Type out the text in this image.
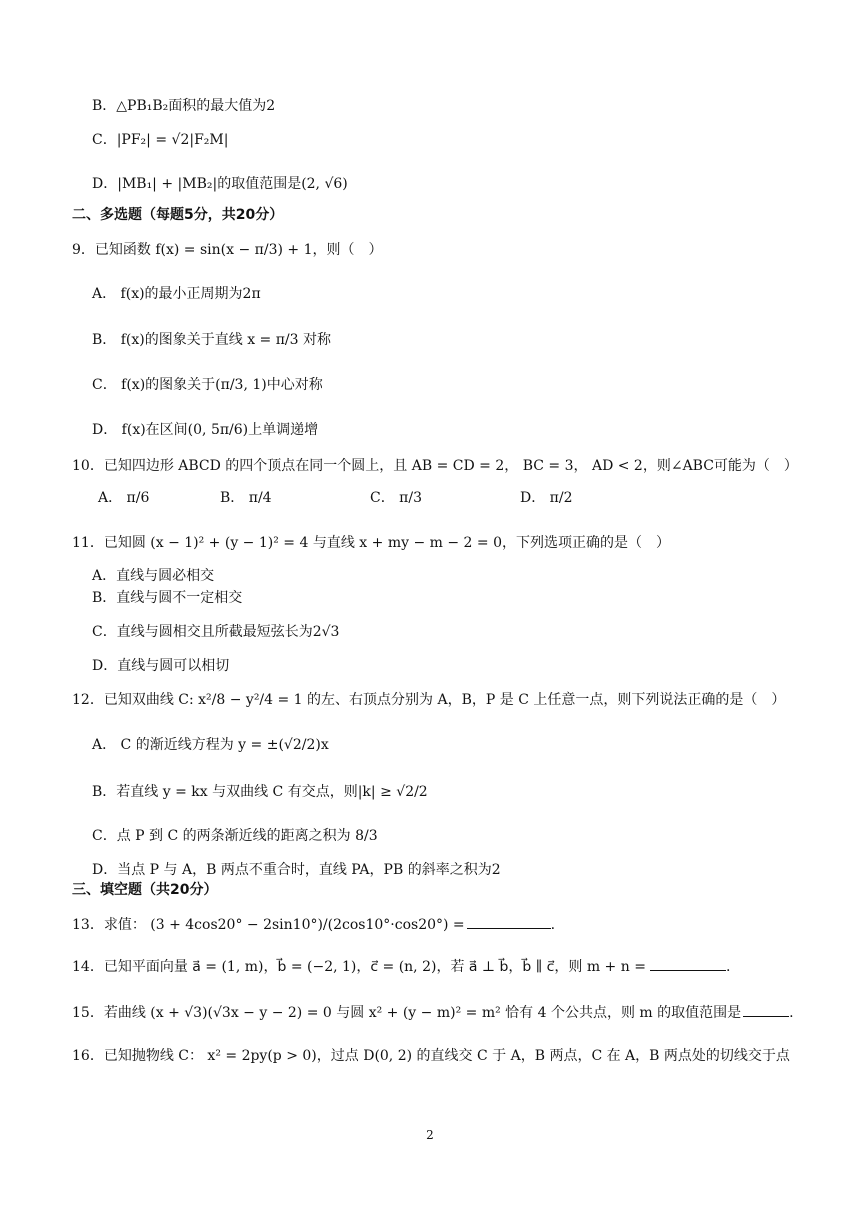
B．△PB₁B₂面积的最大值为2
C．|PF₂| = √2|F₂M|
D．|MB₁| + |MB₂|的取值范围是(2, √6)
二、多选题（每题5分，共20分）
9．已知函数 f(x) = sin(x − π/3) + 1，则（　）
A． f(x)的最小正周期为2π
B． f(x)的图象关于直线 x = π/3 对称
C． f(x)的图象关于(π/3, 1)中心对称
D． f(x)在区间(0, 5π/6)上单调递增
10．已知四边形 ABCD 的四个顶点在同一个圆上，且 AB = CD = 2， BC = 3， AD < 2，则∠ABC可能为（　）
A． π/6	B． π/4	C． π/3	D． π/2
11．已知圆 (x − 1)² + (y − 1)² = 4 与直线 x + my − m − 2 = 0，下列选项正确的是（　）
A．直线与圆必相交
B．直线与圆不一定相交
C．直线与圆相交且所截最短弦长为2√3
D．直线与圆可以相切
12．已知双曲线 C: x²/8 − y²/4 = 1 的左、右顶点分别为 A，B，P 是 C 上任意一点，则下列说法正确的是（　）
A． C 的渐近线方程为 y = ±(√2/2)x
B．若直线 y = kx 与双曲线 C 有交点，则|k| ≥ √2/2
C．点 P 到 C 的两条渐近线的距离之积为 8/3
D．当点 P 与 A，B 两点不重合时，直线 PA，PB 的斜率之积为2
三、填空题（共20分）
13．求值： (3 + 4cos20° − 2sin10°)/(2cos10°·cos20°) =	.
14．已知平面向量 a⃗ = (1, m)，b⃗ = (−2, 1)，c⃗ = (n, 2)，若 a⃗ ⊥ b⃗，b⃗ ∥ c⃗，则 m + n =	.
15．若曲线 (x + √3)(√3x − y − 2) = 0 与圆 x² + (y − m)² = m² 恰有 4 个公共点，则 m 的取值范围是	.
16．已知抛物线 C： x² = 2py(p > 0)，过点 D(0, 2) 的直线交 C 于 A，B 两点，C 在 A，B 两点处的切线交于点
2
